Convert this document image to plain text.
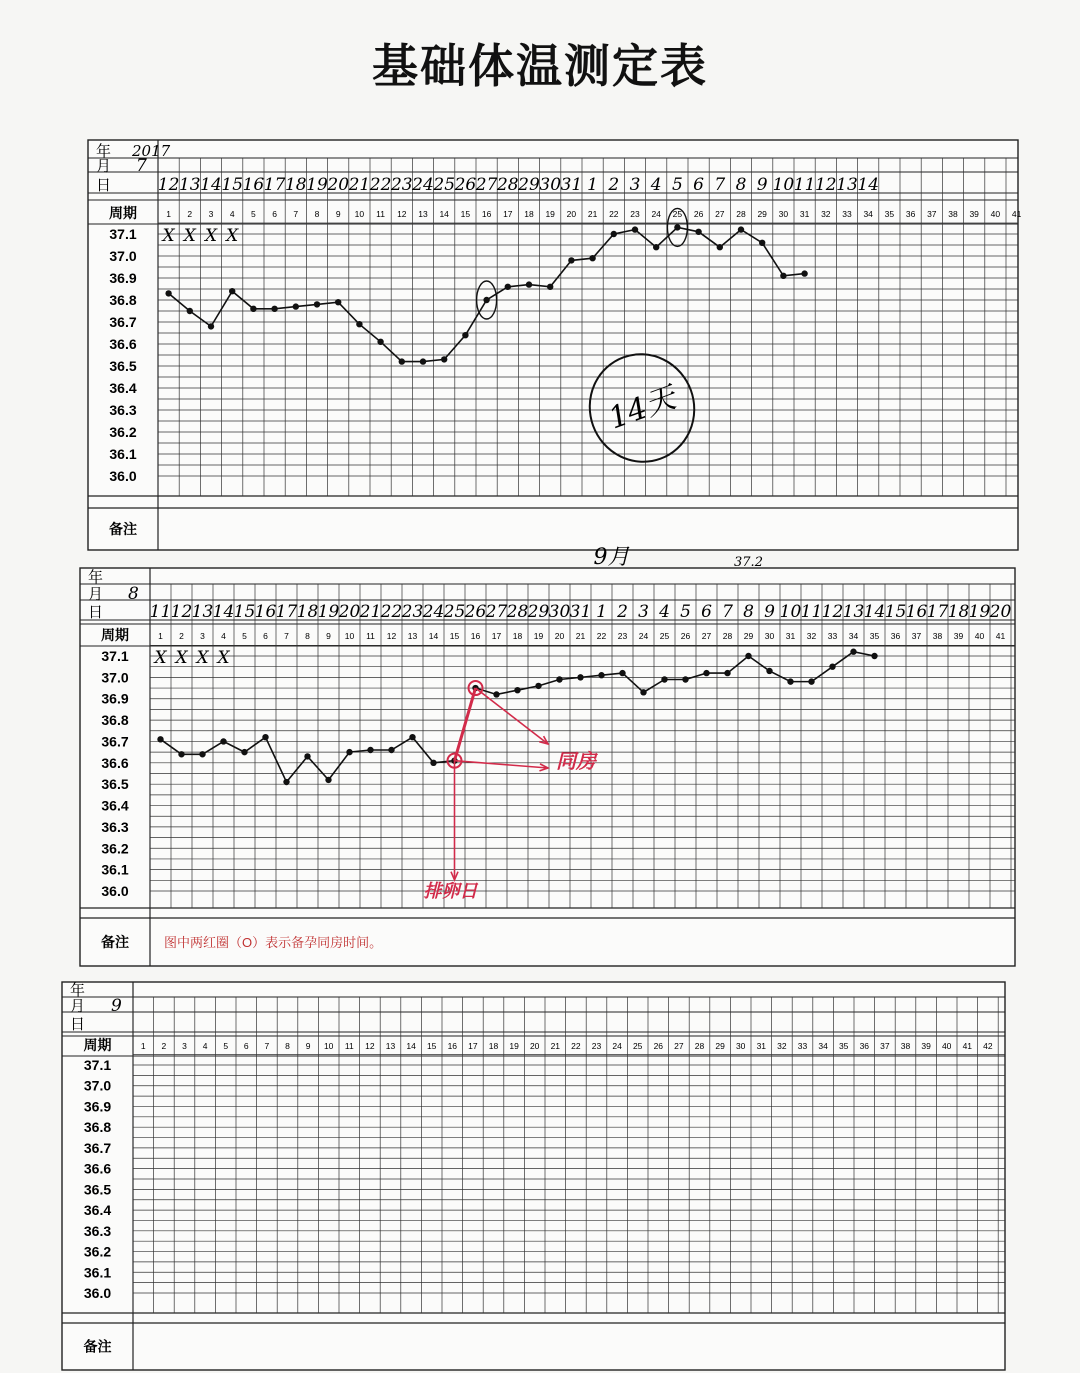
基础体温测定表
年
月
日
周期
备注
37.1
37.0
36.9
36.8
36.7
36.6
36.5
36.4
36.3
36.2
36.1
36.0
2017
7
12 13 14 15 16 17 18 19 20 21 22 23 24 25 26 27 28 29 30 31 1 2 3 4 5 6 7 8 9 10 11 12 13 14
1 2 3 4 5 6 7 8 9 10 11 12 13 14 15 16 17 18 19 20 21 22 23 24 25 26 27 28 29 30 31 32 33 34 35 36 37 38 39 40 41
X X X X
14天
年
月
日
周期
备注
37.1
37.0
36.9
36.8
36.7
36.6
36.5
36.4
36.3
36.2
36.1
36.0
8
11 12 13 14 15 16 17 18 19 20 21 22 23 24 25 26 27 28 29 30 31 1 2 3 4 5 6 7 8 9 10 11 12 13 14 15 16 17 18 19 20
1 2 3 4 5 6 7 8 9 10 11 12 13 14 15 16 17 18 19 20 21 22 23 24 25 26 27 28 29 30 31 32 33 34 35 36 37 38 39 40 41
X X X X
图中两红圈（O）表示备孕同房时间。
9月	37.2
同房
排卵日
年
月
日
周期
备注
37.1
37.0
36.9
36.8
36.7
36.6
36.5
36.4
36.3
36.2
36.1
36.0
9
1 2 3 4 5 6 7 8 9 10 11 12 13 14 15 16 17 18 19 20 21 22 23 24 25 26 27 28 29 30 31 32 33 34 35 36 37 38 39 40 41 42
